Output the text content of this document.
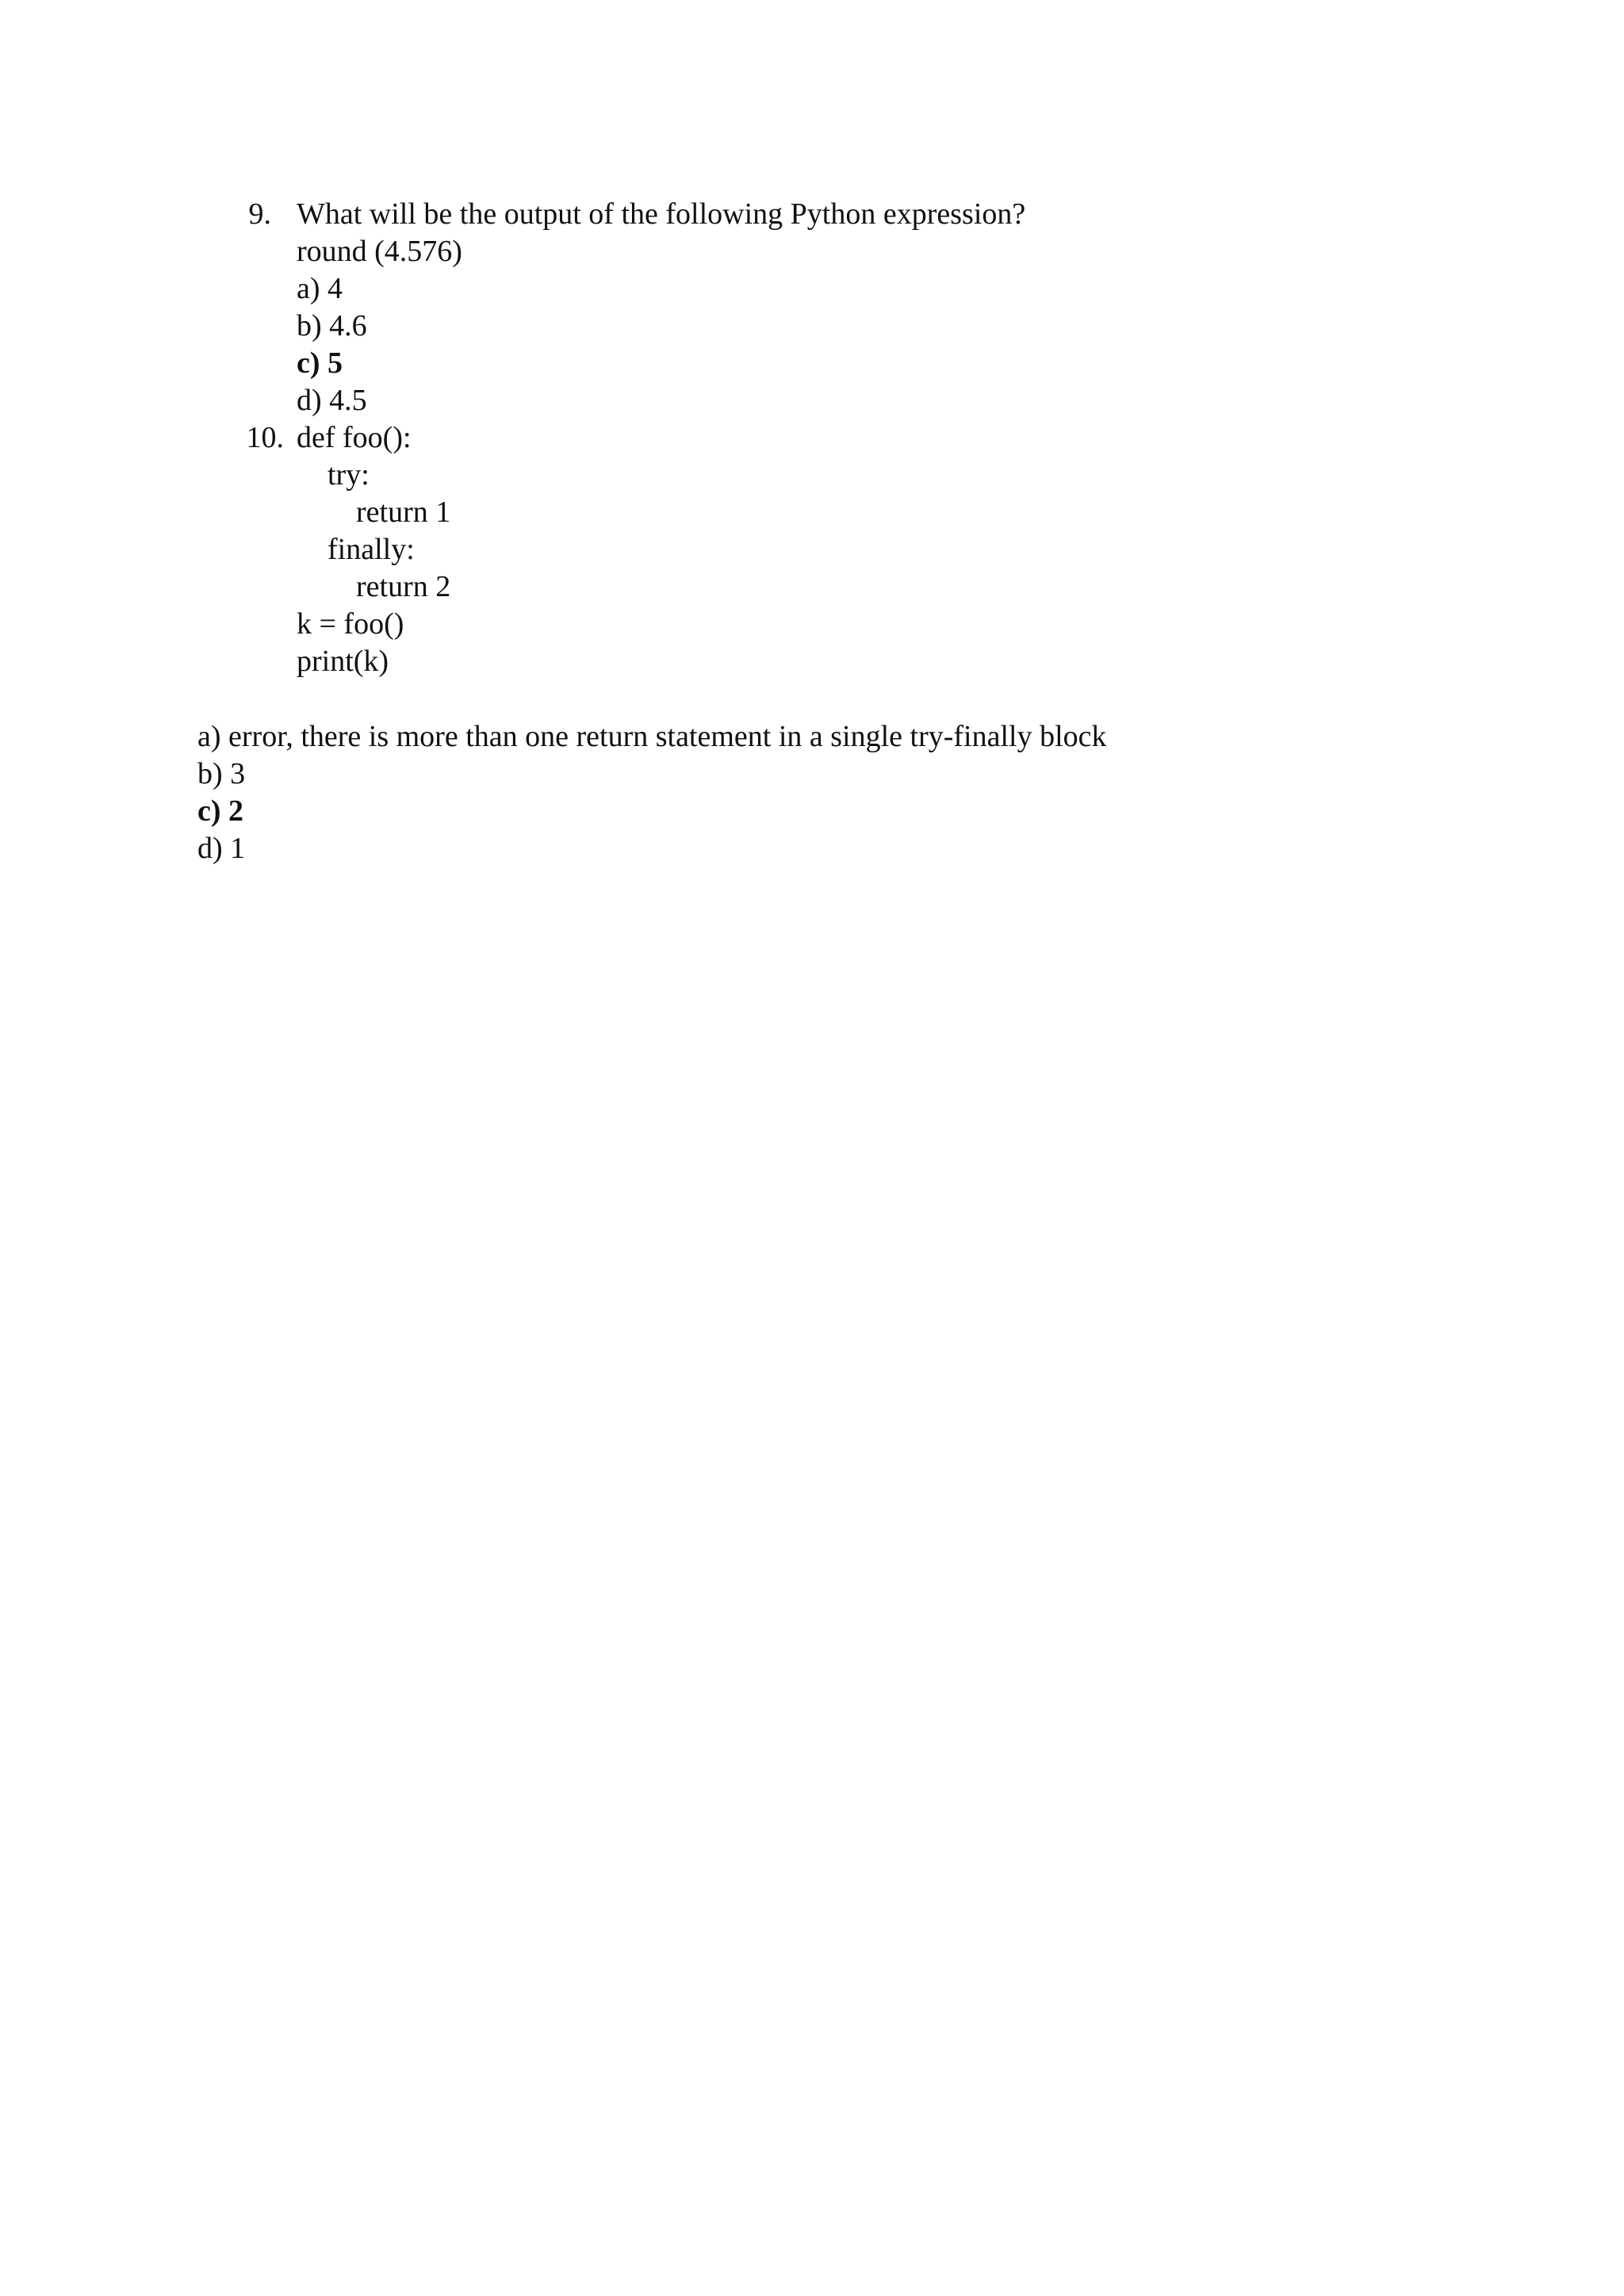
9. What will be the output of the following Python expression?
round (4.576)
a) 4
b) 4.6
c) 5
d) 4.5
10. def foo():
try:
return 1
finally:
return 2
k = foo()
print(k)
a) error, there is more than one return statement in a single try-finally block
b) 3
c) 2
d) 1
